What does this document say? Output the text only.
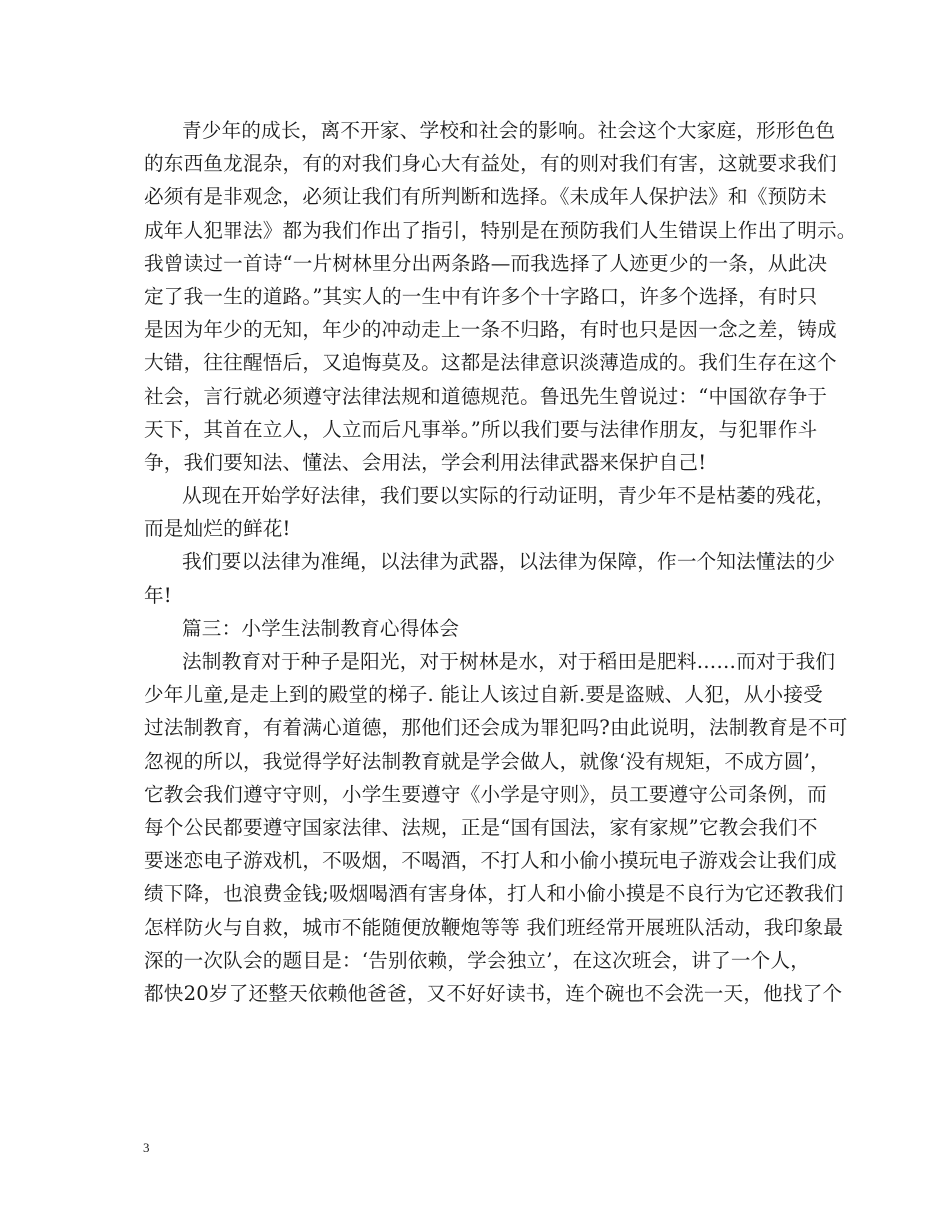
青少年的成长，离不开家、学校和社会的影响。社会这个大家庭，形形色色
的东西鱼龙混杂，有的对我们身心大有益处，有的则对我们有害，这就要求我们
必须有是非观念，必须让我们有所判断和选择。《未成年人保护法》和《预防未
成年人犯罪法》都为我们作出了指引，特别是在预防我们人生错误上作出了明示。
我曾读过一首诗“一片树林里分出两条路—而我选择了人迹更少的一条，从此决
定了我一生的道路。”其实人的一生中有许多个十字路口，许多个选择，有时只
是因为年少的无知，年少的冲动走上一条不归路，有时也只是因一念之差，铸成
大错，往往醒悟后，又追悔莫及。这都是法律意识淡薄造成的。我们生存在这个
社会，言行就必须遵守法律法规和道德规范。鲁迅先生曾说过：“中国欲存争于
天下，其首在立人，人立而后凡事举。”所以我们要与法律作朋友，与犯罪作斗
争，我们要知法、懂法、会用法，学会利用法律武器来保护自己!
从现在开始学好法律，我们要以实际的行动证明，青少年不是枯萎的残花，
而是灿烂的鲜花!
我们要以法律为准绳，以法律为武器，以法律为保障，作一个知法懂法的少
年!
篇三：小学生法制教育心得体会
法制教育对于种子是阳光，对于树林是水，对于稻田是肥料……而对于我们
少年儿童,是走上到的殿堂的梯子. 能让人该过自新.要是盗贼、人犯，从小接受
过法制教育，有着满心道德，那他们还会成为罪犯吗?由此说明，法制教育是不可
忽视的所以，我觉得学好法制教育就是学会做人，就像‘没有规矩，不成方圆’，
它教会我们遵守守则，小学生要遵守《小学是守则》，员工要遵守公司条例，而
每个公民都要遵守国家法律、法规，正是“国有国法，家有家规”它教会我们不
要迷恋电子游戏机，不吸烟，不喝酒，不打人和小偷小摸玩电子游戏会让我们成
绩下降，也浪费金钱;吸烟喝酒有害身体，打人和小偷小摸是不良行为它还教我们
怎样防火与自救，城市不能随便放鞭炮等等 我们班经常开展班队活动，我印象最
深的一次队会的题目是：‘告别依赖，学会独立’，在这次班会，讲了一个人，
都快20岁了还整天依赖他爸爸，又不好好读书，连个碗也不会洗一天，他找了个
3
